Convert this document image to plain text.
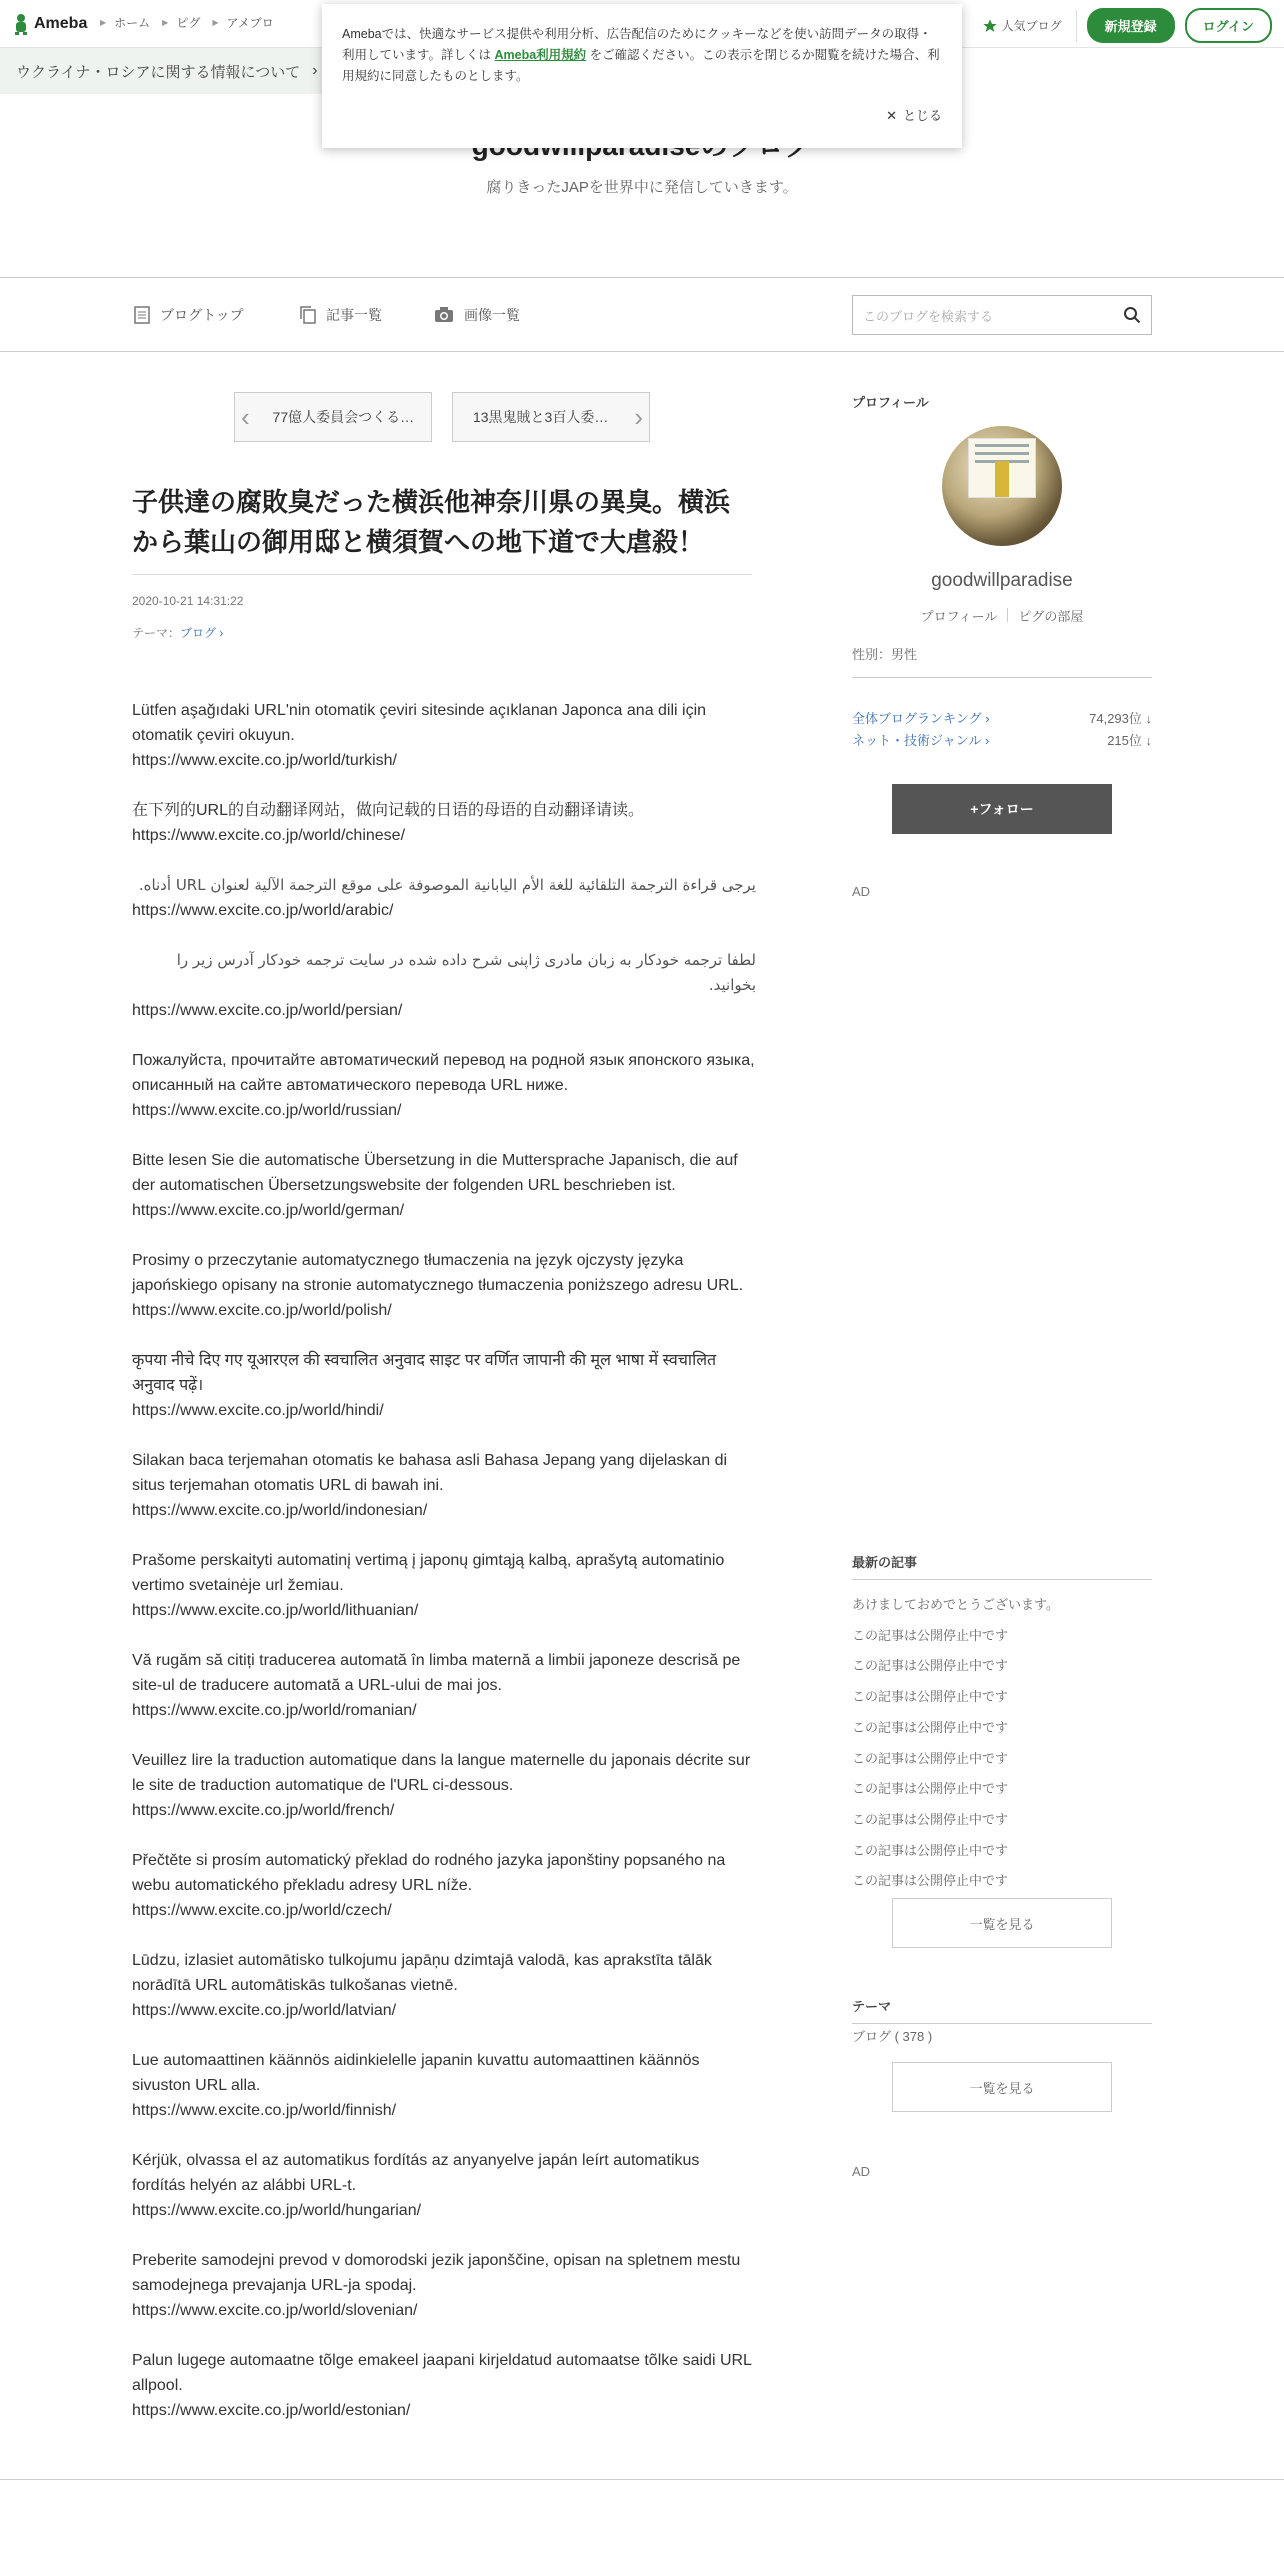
Ameba ▶ ホーム ▶ ピグ ▶ アメブロ	人気ブログ	新規登録	ログイン
ウクライナ・ロシアに関する情報について ›
Amebaでは、快適なサービス提供や利用分析、広告配信のためにクッキーなどを使い訪問データの取得・利用しています。詳しくは Ameba利用規約 をご確認ください。この表示を閉じるか閲覧を続けた場合、利用規約に同意したものとします。
✕ とじる
腐りきったJAPを世界中に発信していきます。
ブログトップ	記事一覧	画像一覧	このブログを検索する
‹	77億人委員会つくる…	13黒鬼賊と3百人委… ›
子供達の腐敗臭だった横浜他神奈川県の異臭。横浜から葉山の御用邸と横須賀への地下道で大虐殺！
2020-10-21 14:31:22
テーマ：ブログ ›
Lütfen aşağıdaki URL'nin otomatik çeviri sitesinde açıklanan Japonca ana dili için otomatik çeviri okuyun.
https://www.excite.co.jp/world/turkish/
在下列的URL的自动翻译网站，做向记载的日语的母语的自动翻译请读。
https://www.excite.co.jp/world/chinese/
يرجى قراءة الترجمة التلقائية للغة الأم اليابانية الموصوفة على موقع الترجمة الآلية لعنوان URL أدناه.
https://www.excite.co.jp/world/arabic/
لطفا ترجمه خودکار به زبان مادری ژاپنی شرح داده شده در سایت ترجمه خودکار آدرس زیر را بخوانید.
https://www.excite.co.jp/world/persian/
Пожалуйста, прочитайте автоматический перевод на родной язык японского языка, описанный на сайте автоматического перевода URL ниже.
https://www.excite.co.jp/world/russian/
Bitte lesen Sie die automatische Übersetzung in die Muttersprache Japanisch, die auf der automatischen Übersetzungswebsite der folgenden URL beschrieben ist.
https://www.excite.co.jp/world/german/
Prosimy o przeczytanie automatycznego tłumaczenia na język ojczysty języka japońskiego opisany na stronie automatycznego tłumaczenia poniższego adresu URL.
https://www.excite.co.jp/world/polish/
कृपया नीचे दिए गए यूआरएल की स्वचालित अनुवाद साइट पर वर्णित जापानी की मूल भाषा में स्वचालित अनुवाद पढ़ें।
https://www.excite.co.jp/world/hindi/
Silakan baca terjemahan otomatis ke bahasa asli Bahasa Jepang yang dijelaskan di situs terjemahan otomatis URL di bawah ini.
https://www.excite.co.jp/world/indonesian/
Prašome perskaityti automatinį vertimą į japonų gimtąją kalbą, aprašytą automatinio vertimo svetainėje url žemiau.
https://www.excite.co.jp/world/lithuanian/
Vă rugăm să citiți traducerea automată în limba maternă a limbii japoneze descrisă pe site-ul de traducere automată a URL-ului de mai jos.
https://www.excite.co.jp/world/romanian/
Veuillez lire la traduction automatique dans la langue maternelle du japonais décrite sur le site de traduction automatique de l'URL ci-dessous.
https://www.excite.co.jp/world/french/
Přečtěte si prosím automatický překlad do rodného jazyka japonštiny popsaného na webu automatického překladu adresy URL níže.
https://www.excite.co.jp/world/czech/
Lūdzu, izlasiet automātisko tulkojumu japāņu dzimtajā valodā, kas aprakstīta tālāk norādītā URL automātiskās tulkošanas vietnē.
https://www.excite.co.jp/world/latvian/
Lue automaattinen käännös aidinkielelle japanin kuvattu automaattinen käännös sivuston URL alla.
https://www.excite.co.jp/world/finnish/
Kérjük, olvassa el az automatikus fordítás az anyanyelve japán leírt automatikus fordítás helyén az alábbi URL-t.
https://www.excite.co.jp/world/hungarian/
Preberite samodejni prevod v domorodski jezik japonščine, opisan na spletnem mestu samodejnega prevajanja URL-ja spodaj.
https://www.excite.co.jp/world/slovenian/
Palun lugege automaatne tõlge emakeel jaapani kirjeldatud automaatse tõlke saidi URL allpool.
https://www.excite.co.jp/world/estonian/
プロフィール
goodwillparadise
プロフィール	ピグの部屋
性別：男性
全体ブログランキング ›	74,293位 ↓
ネット・技術ジャンル ›	215位 ↓
+ フォロー
AD
最新の記事
あけましておめでとうございます。
この記事は公開停止中です
この記事は公開停止中です
この記事は公開停止中です
この記事は公開停止中です
この記事は公開停止中です
この記事は公開停止中です
この記事は公開停止中です
この記事は公開停止中です
この記事は公開停止中です
一覧を見る
テーマ
ブログ ( 378 )
一覧を見る
AD
